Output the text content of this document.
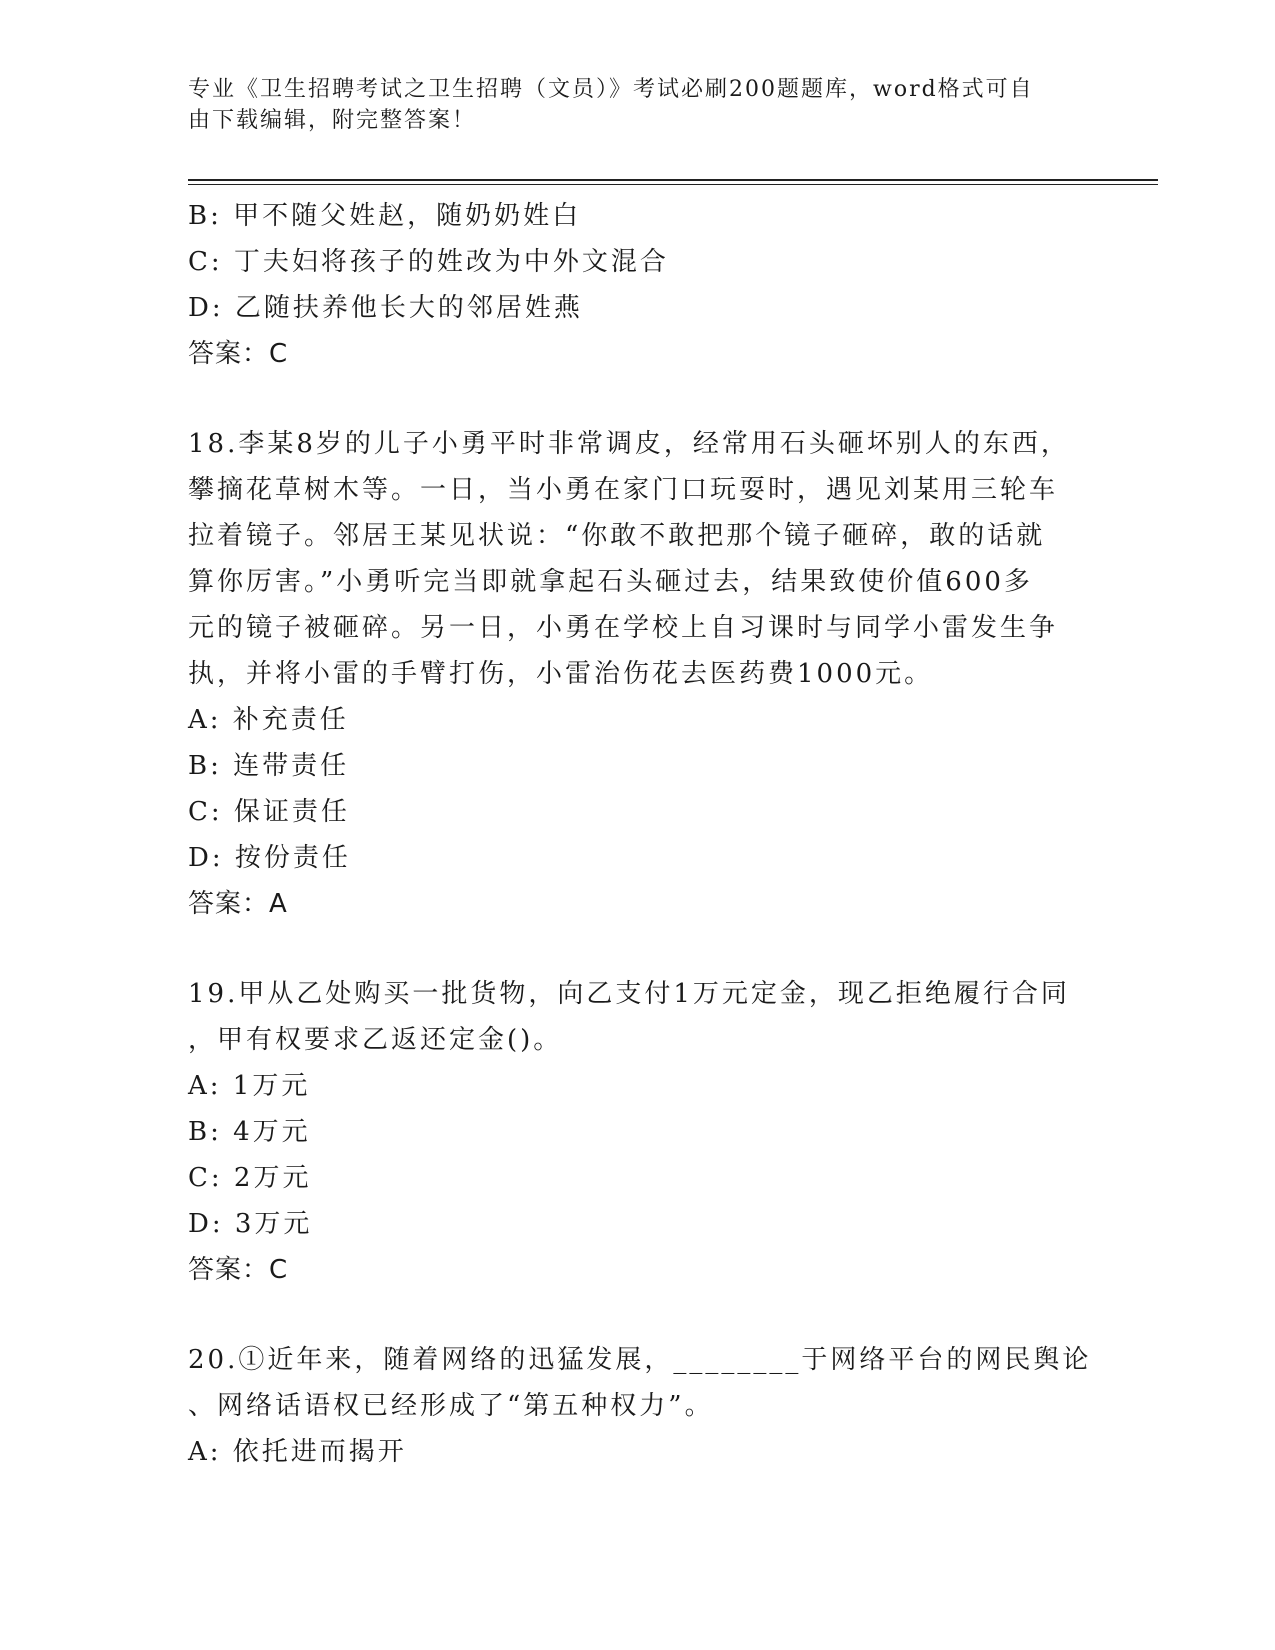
专业《卫生招聘考试之卫生招聘（文员）》考试必刷200题题库，word格式可自
由下载编辑，附完整答案！
B: 甲不随父姓赵，随奶奶姓白
C: 丁夫妇将孩子的姓改为中外文混合
D: 乙随扶养他长大的邻居姓燕
答案：C
18.李某8岁的儿子小勇平时非常调皮，经常用石头砸坏别人的东西，
攀摘花草树木等。一日，当小勇在家门口玩耍时，遇见刘某用三轮车
拉着镜子。邻居王某见状说：“你敢不敢把那个镜子砸碎，敢的话就
算你厉害。”小勇听完当即就拿起石头砸过去，结果致使价值600多
元的镜子被砸碎。另一日，小勇在学校上自习课时与同学小雷发生争
执，并将小雷的手臂打伤，小雷治伤花去医药费1000元。
A: 补充责任
B: 连带责任
C: 保证责任
D: 按份责任
答案：A
19.甲从乙处购买一批货物，向乙支付1万元定金，现乙拒绝履行合同
，甲有权要求乙返还定金()。
A: 1万元
B: 4万元
C: 2万元
D: 3万元
答案：C
20.①近年来，随着网络的迅猛发展，________于网络平台的网民舆论
、网络话语权已经形成了“第五种权力”。
A: 依托进而揭开
